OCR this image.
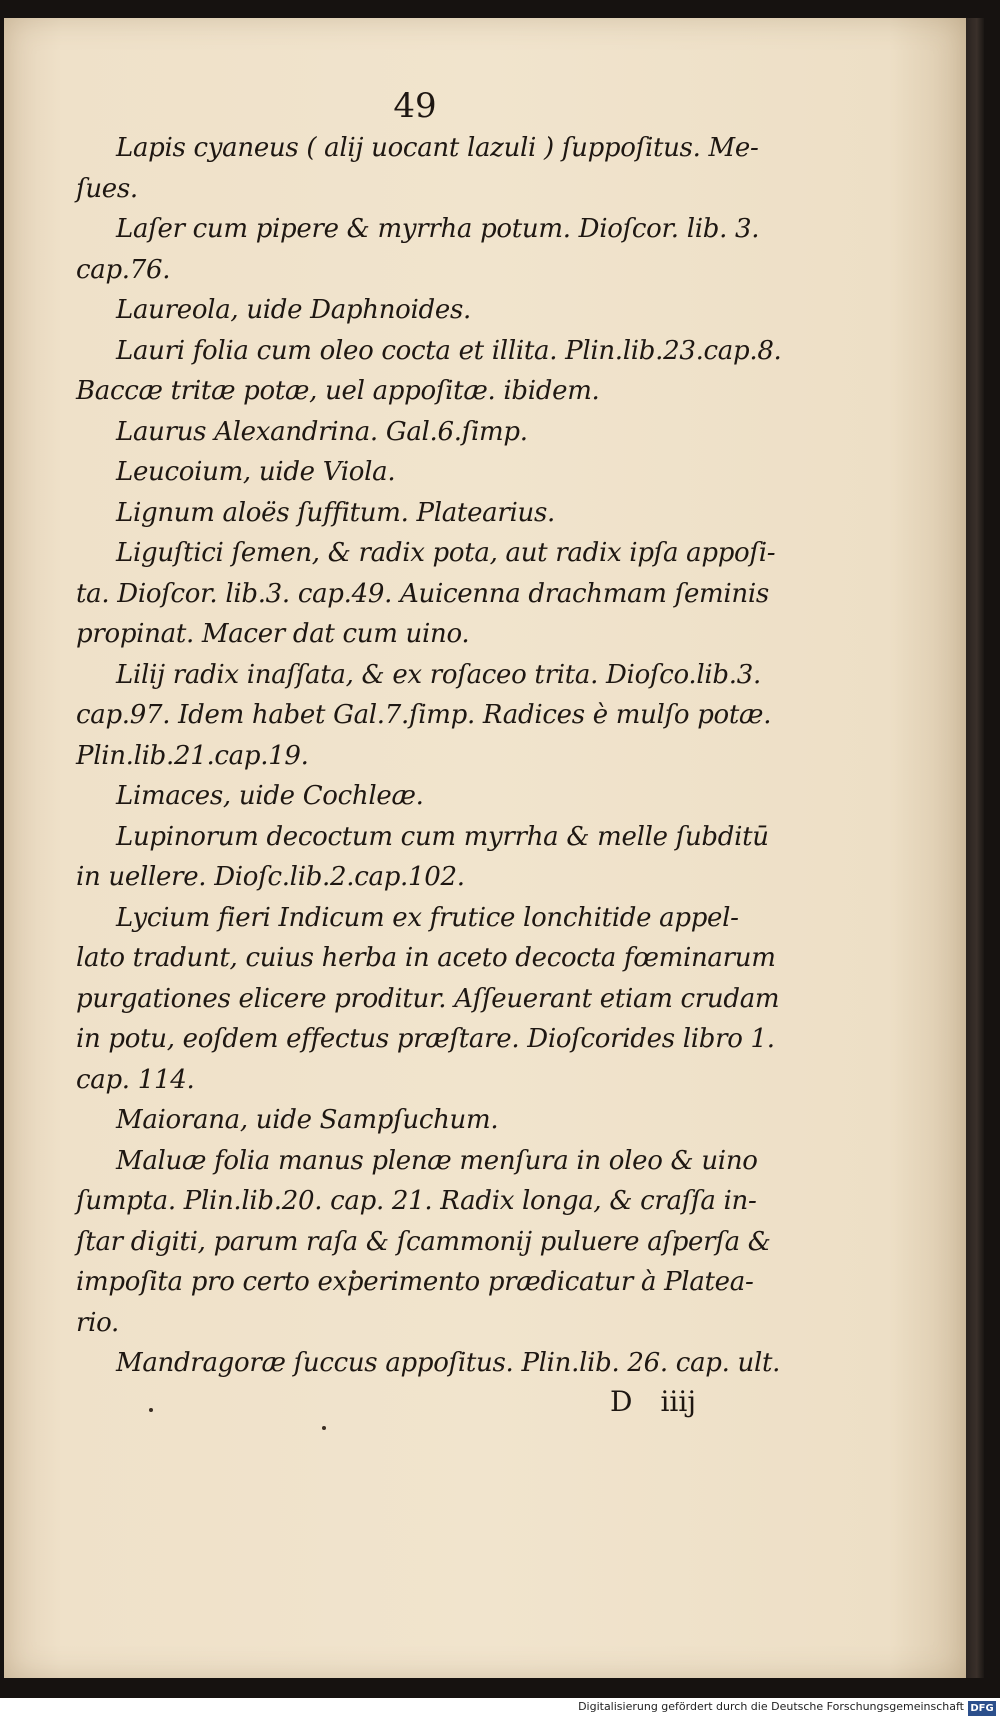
49
Lapis cyaneus ( alij uocant lazuli ) ſuppoſitus. Me-
ſues.
Laſer cum pipere & myrrha potum. Dioſcor. lib. 3.
cap.76.
Laureola, uide Daphnoides.
Lauri folia cum oleo cocta et illita. Plin.lib.23.cap.8.
Baccæ tritæ potæ, uel appoſitæ. ibidem.
Laurus Alexandrina. Gal.6.ſimp.
Leucoium, uide Viola.
Lignum aloës ſuffitum. Platearius.
Liguſtici ſemen, & radix pota, aut radix ipſa appoſi-
ta. Dioſcor. lib.3. cap.49. Auicenna drachmam ſeminis
propinat. Macer dat cum uino.
Lilij radix inaſſata, & ex roſaceo trita. Dioſco.lib.3.
cap.97. Idem habet Gal.7.ſimp. Radices è mulſo potæ.
Plin.lib.21.cap.19.
Limaces, uide Cochleæ.
Lupinorum decoctum cum myrrha & melle ſubditū
in uellere. Dioſc.lib.2.cap.102.
Lycium fieri Indicum ex frutice lonchitide appel-
lato tradunt, cuius herba in aceto decocta fœminarum
purgationes elicere proditur. Aſſeuerant etiam crudam
in potu, eoſdem effectus præſtare. Dioſcorides libro 1.
cap. 114.
Maiorana, uide Sampſuchum.
Maluæ folia manus plenæ menſura in oleo & uino
ſumpta. Plin.lib.20. cap. 21. Radix longa, & craſſa in-
ſtar digiti, parum raſa & ſcammonij puluere aſperſa &
impoſita pro certo experimento prædicatur à Platea-
rio.
Mandragoræ ſuccus appoſitus. Plin.lib. 26. cap. ult.
D iiij
Digitalisierung gefördert durch die Deutsche Forschungsgemeinschaft DFG
